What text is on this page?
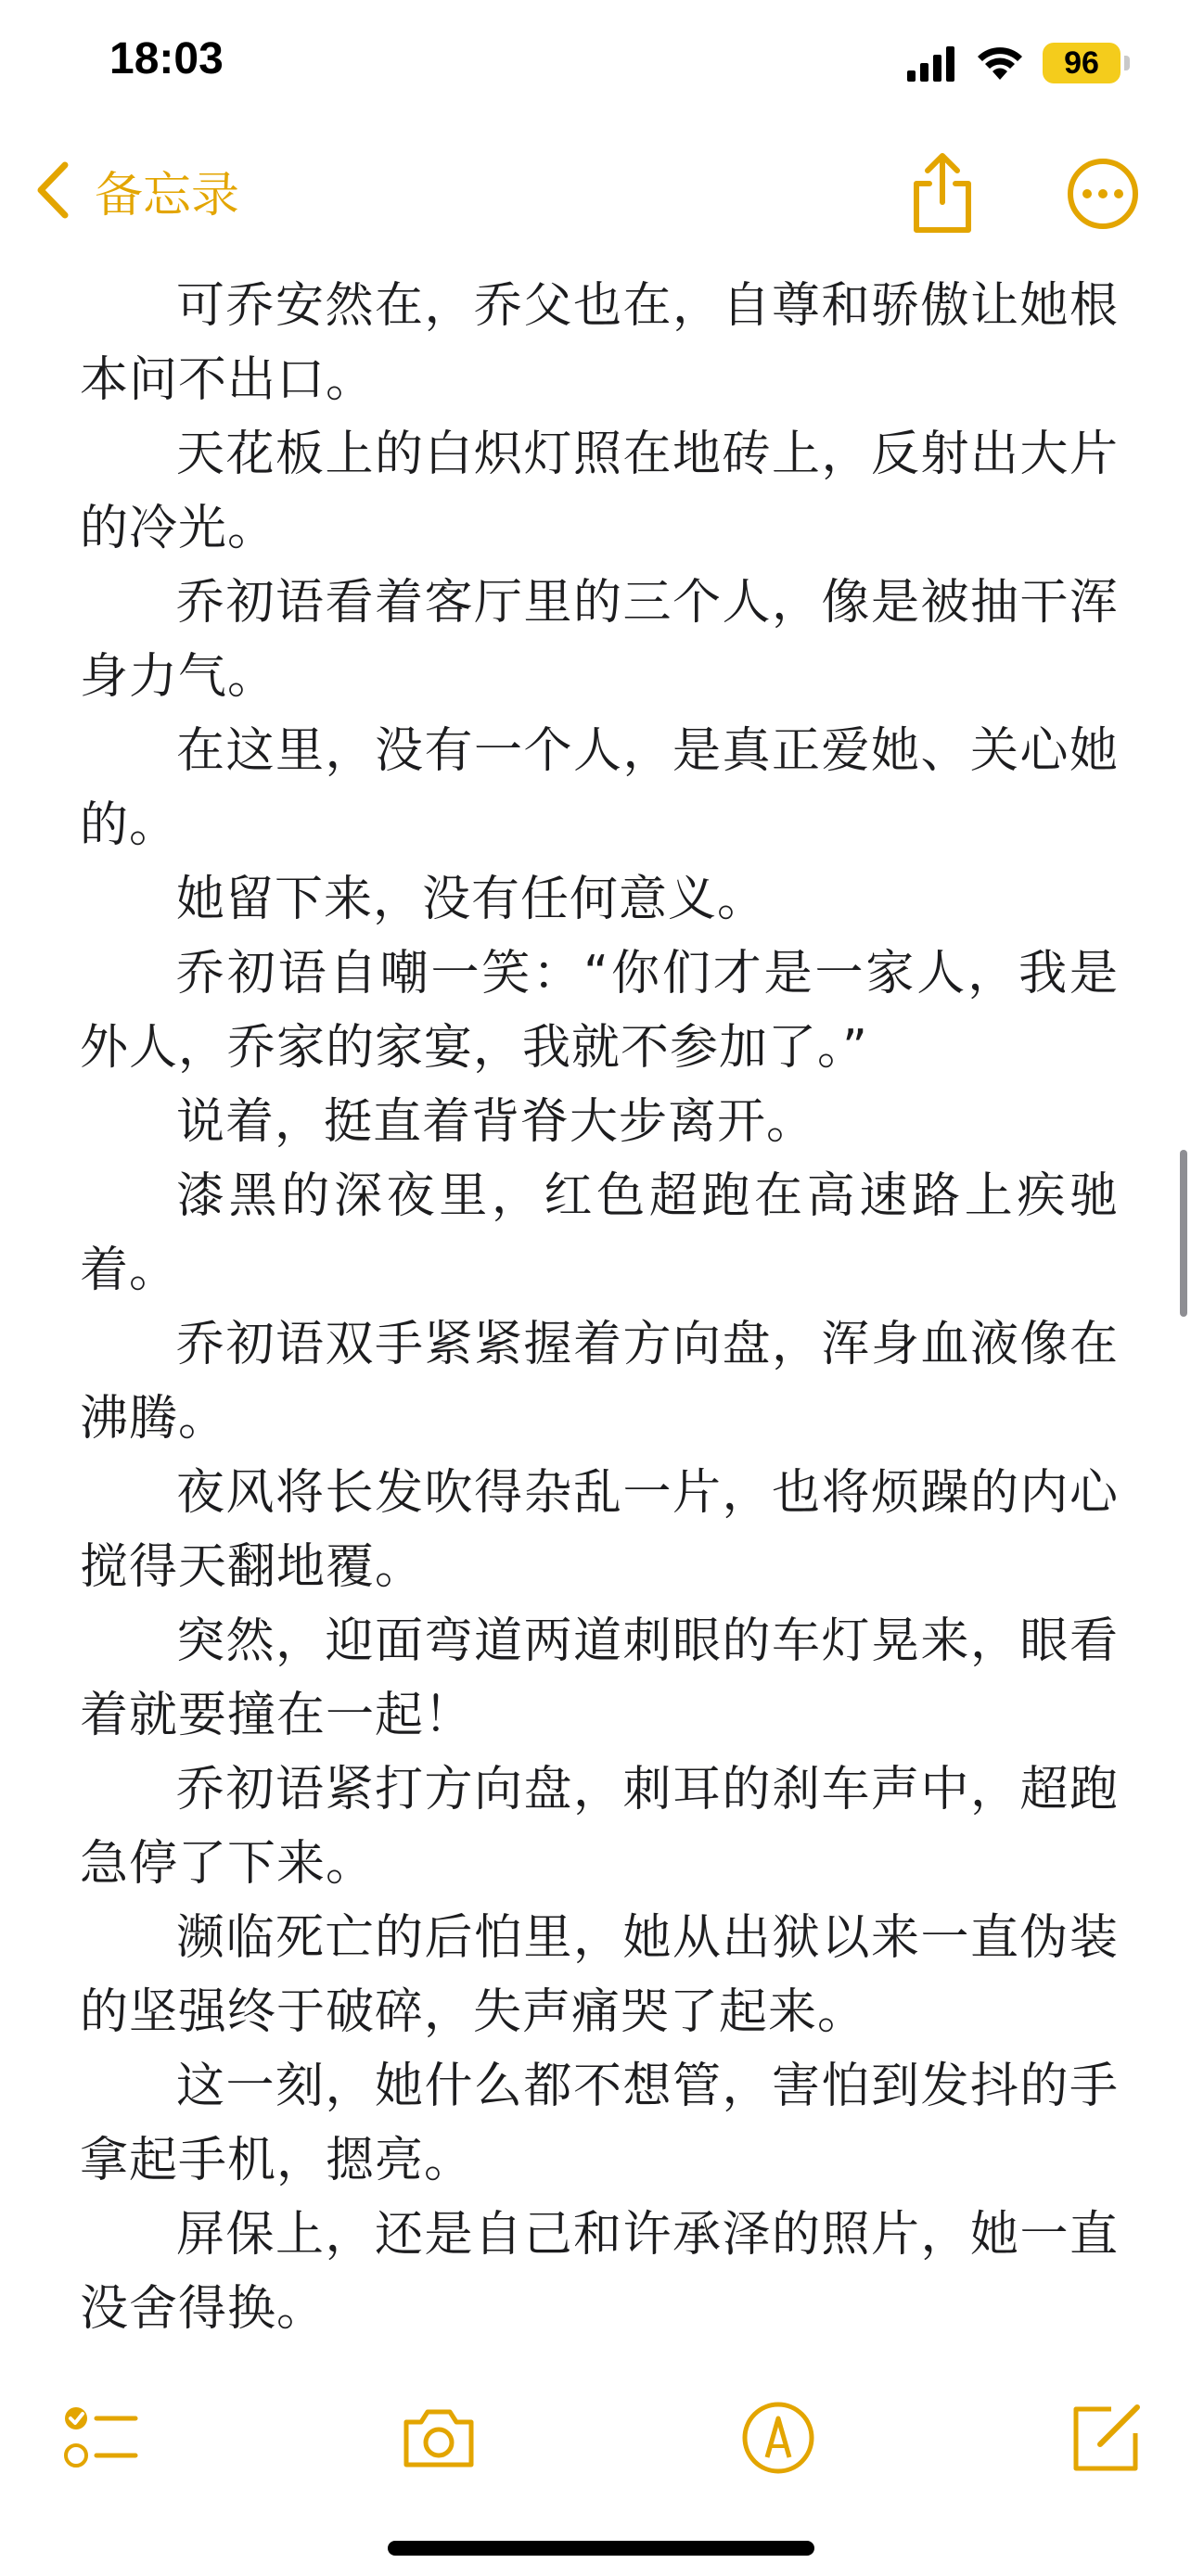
18:03	96
备忘录

可乔安然在，乔父也在，自尊和骄傲让她根本问不出口。

天花板上的白炽灯照在地砖上，反射出大片的冷光。

乔初语看着客厅里的三个人，像是被抽干浑身力气。

在这里，没有一个人，是真正爱她、关心她的。

她留下来，没有任何意义。

乔初语自嘲一笑：“你们才是一家人，我是外人，乔家的家宴，我就不参加了。”

说着，挺直着背脊大步离开。

漆黑的深夜里，红色超跑在高速路上疾驰着。

乔初语双手紧紧握着方向盘，浑身血液像在沸腾。

夜风将长发吹得杂乱一片，也将烦躁的内心搅得天翻地覆。

突然，迎面弯道两道刺眼的车灯晃来，眼看着就要撞在一起！

乔初语紧打方向盘，刺耳的刹车声中，超跑急停了下来。

濒临死亡的后怕里，她从出狱以来一直伪装的坚强终于破碎，失声痛哭了起来。

这一刻，她什么都不想管，害怕到发抖的手拿起手机，摁亮。

屏保上，还是自己和许承泽的照片，她一直没舍得换。
